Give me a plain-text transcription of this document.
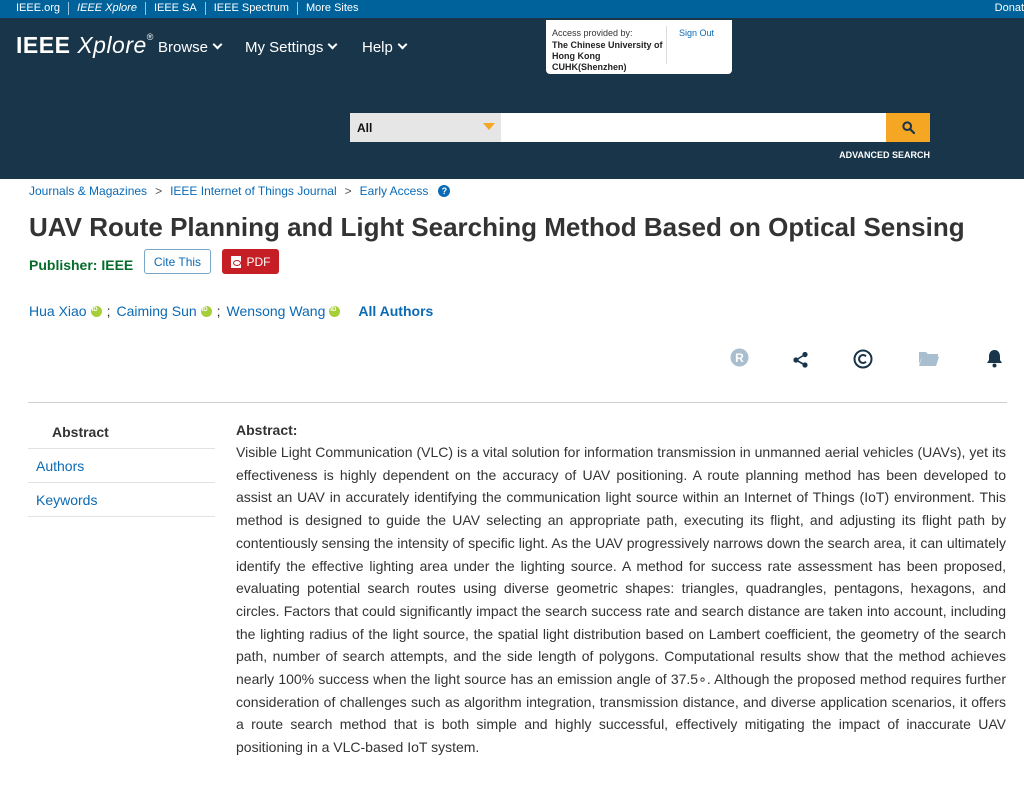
IEEE.org	IEEE Xplore	IEEE SA	IEEE Spectrum	More Sites	Donat
IEEE Xplore®
Browse My Settings	Help
Access provided by:
The Chinese University of Hong Kong CUHK(Shenzhen)
Sign Out
All
ADVANCED SEARCH
Journals & Magazines > IEEE Internet of Things Journal > Early Access	?
UAV Route Planning and Light Searching Method Based on Optical Sensing
Publisher: IEEE Cite This	PDF
Hua Xiao iD ; Caiming Sun iD ; Wensong Wang iD All Authors
R
Abstract
Authors
Keywords
Abstract:

Visible Light Communication (VLC) is a vital solution for information transmission in unmanned aerial vehicles (UAVs), yet its effectiveness is highly dependent on the accuracy of UAV positioning. A route planning method has been developed to assist an UAV in accurately identifying the communication light source within an Internet of Things (IoT) environment. This method is designed to guide the UAV selecting an appropriate path, executing its flight, and adjusting its flight path by contentiously sensing the intensity of specific light. As the UAV progressively narrows down the search area, it can ultimately identify the effective lighting area under the lighting source. A method for success rate assessment has been proposed, evaluating potential search routes using diverse geometric shapes: triangles, quadrangles, pentagons, hexagons, and circles. Factors that could significantly impact the search success rate and search distance are taken into account, including the lighting radius of the light source, the spatial light distribution based on Lambert coefficient, the geometry of the search path, number of search attempts, and the side length of polygons. Computational results show that the method achieves nearly 100% success when the light source has an emission angle of 37.5∘. Although the proposed method requires further consideration of challenges such as algorithm integration, transmission distance, and diverse application scenarios, it offers a route search method that is both simple and highly successful, effectively mitigating the impact of inaccurate UAV positioning in a VLC-based IoT system.
